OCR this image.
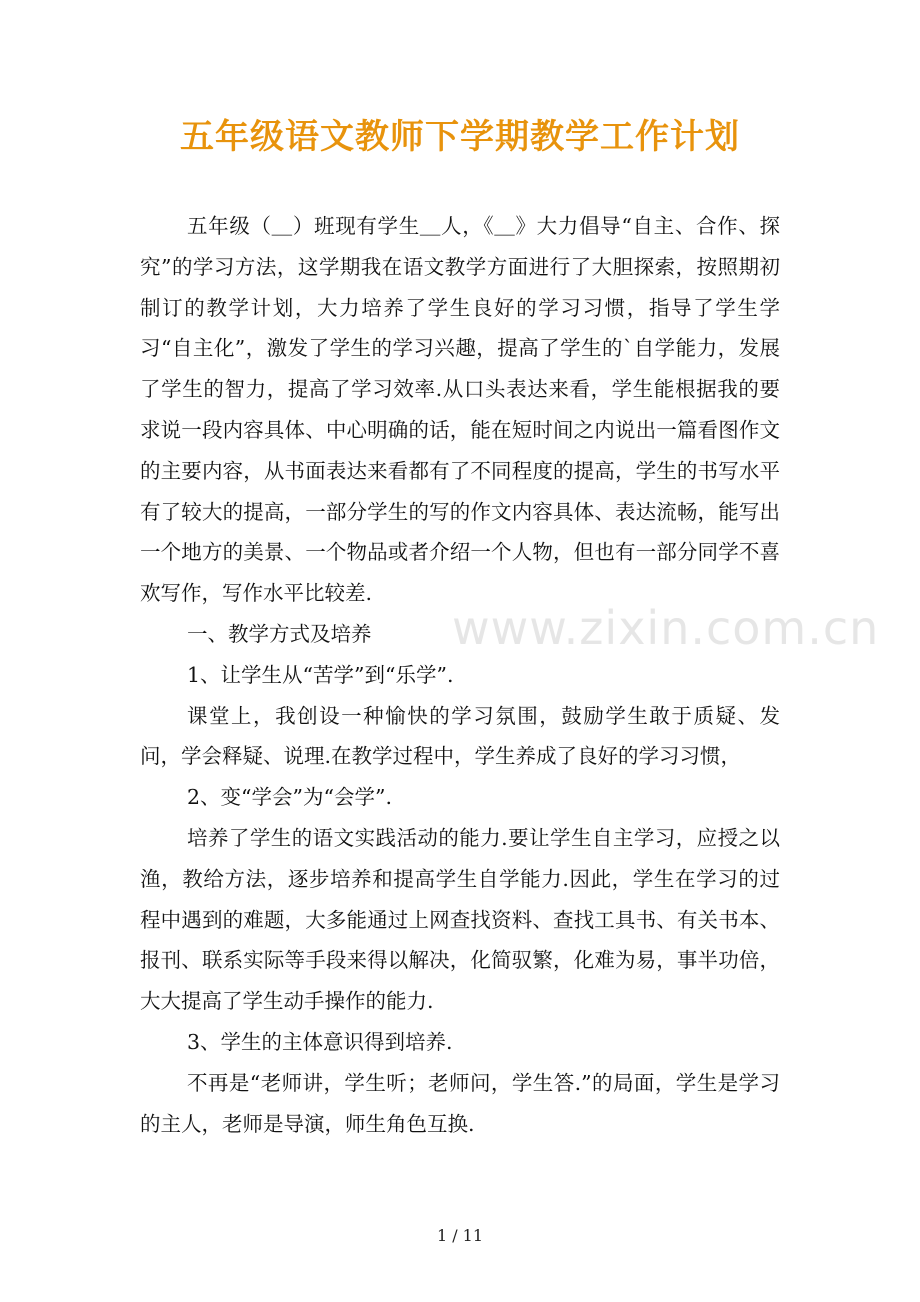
五年级语文教师下学期教学工作计划

五年级（＿）班现有学生＿人，《＿》大力倡导“自主、合作、探究”的学习方法，这学期我在语文教学方面进行了大胆探索，按照期初制订的教学计划，大力培养了学生良好的学习习惯，指导了学生学习“自主化”，激发了学生的学习兴趣，提高了学生的`自学能力，发展了学生的智力，提高了学习效率.从口头表达来看，学生能根据我的要求说一段内容具体、中心明确的话，能在短时间之内说出一篇看图作文的主要内容，从书面表达来看都有了不同程度的提高，学生的书写水平有了较大的提高，一部分学生的写的作文内容具体、表达流畅，能写出一个地方的美景、一个物品或者介绍一个人物，但也有一部分同学不喜欢写作，写作水平比较差.

一、教学方式及培养

1、让学生从“苦学”到“乐学”.

课堂上，我创设一种愉快的学习氛围，鼓励学生敢于质疑、发问，学会释疑、说理.在教学过程中，学生养成了良好的学习习惯，

2、变“学会”为“会学”.

培养了学生的语文实践活动的能力.要让学生自主学习，应授之以渔，教给方法，逐步培养和提高学生自学能力.因此，学生在学习的过程中遇到的难题，大多能通过上网查找资料、查找工具书、有关书本、报刊、联系实际等手段来得以解决，化简驭繁，化难为易，事半功倍，大大提高了学生动手操作的能力.

3、学生的主体意识得到培养.

不再是“老师讲，学生听；老师问，学生答.”的局面，学生是学习的主人，老师是导演，师生角色互换.

www.zixin.com.cn
1 / 11
